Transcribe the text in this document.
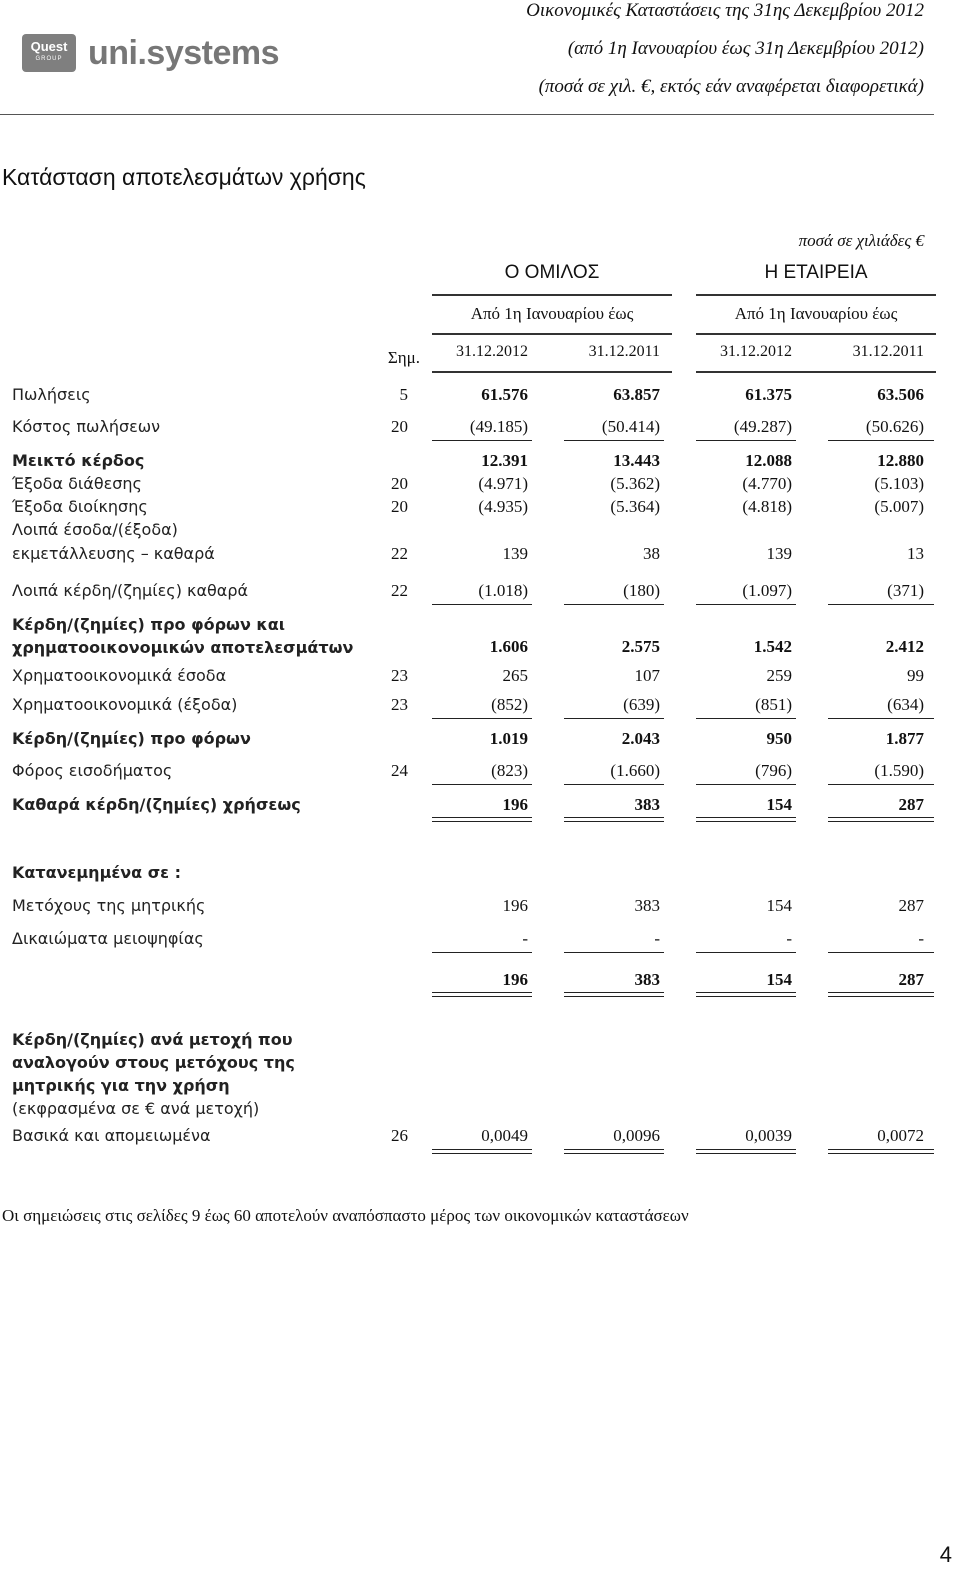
Quest
GROUP uni.systems
Οικονομικές Καταστάσεις της 31ης Δεκεμβρίου 2012
(από 1η Ιανουαρίου έως 31η Δεκεμβρίου 2012)
(ποσά σε χιλ. €, εκτός εάν αναφέρεται διαφορετικά)
Κατάσταση αποτελεσμάτων χρήσης
ποσά σε χιλιάδες €
Ο ΟΜΙΛΟΣ	Η ΕΤΑΙΡΕΙΑ
Από 1η Ιανουαρίου έως	Από 1η Ιανουαρίου έως
Σημ.	31.12.2012	31.12.2011	31.12.2012	31.12.2011
Πωλήσεις	5	61.576	63.857	61.375	63.506
Κόστος πωλήσεων	20	(49.185)	(50.414)	(49.287)	(50.626)
Μεικτό κέρδος	12.391	13.443	12.088	12.880
Έξοδα διάθεσης	20	(4.971)	(5.362)	(4.770)	(5.103)
Έξοδα διοίκησης	20	(4.935)	(5.364)	(4.818)	(5.007)
Λοιπά έσοδα/(έξοδα)
εκμετάλλευσης – καθαρά	22	139	38	139	13
Λοιπά κέρδη/(ζημίες) καθαρά	22	(1.018)	(180)	(1.097)	(371)
Κέρδη/(ζημίες) προ φόρων και
χρηματοοικονομικών αποτελεσμάτων	1.606	2.575	1.542	2.412
Χρηματοοικονομικά έσοδα	23	265	107	259	99
Χρηματοοικονομικά (έξοδα)	23	(852)	(639)	(851)	(634)
Κέρδη/(ζημίες) προ φόρων	1.019	2.043	950	1.877
Φόρος εισοδήματος	24	(823)	(1.660)	(796)	(1.590)
Καθαρά κέρδη/(ζημίες) χρήσεως	196	383	154	287
Κατανεμημένα σε :
Μετόχους της μητρικής	196	383	154	287
Δικαιώματα μειοψηφίας	-	-	-	-
196	383	154	287
Κέρδη/(ζημίες) ανά μετοχή που
αναλογούν στους μετόχους της
μητρικής για την χρήση
(εκφρασμένα σε € ανά μετοχή)
Βασικά και απομειωμένα	26	0,0049	0,0096	0,0039	0,0072
Οι σημειώσεις στις σελίδες 9 έως 60 αποτελούν αναπόσπαστο μέρος των οικονομικών καταστάσεων
4
